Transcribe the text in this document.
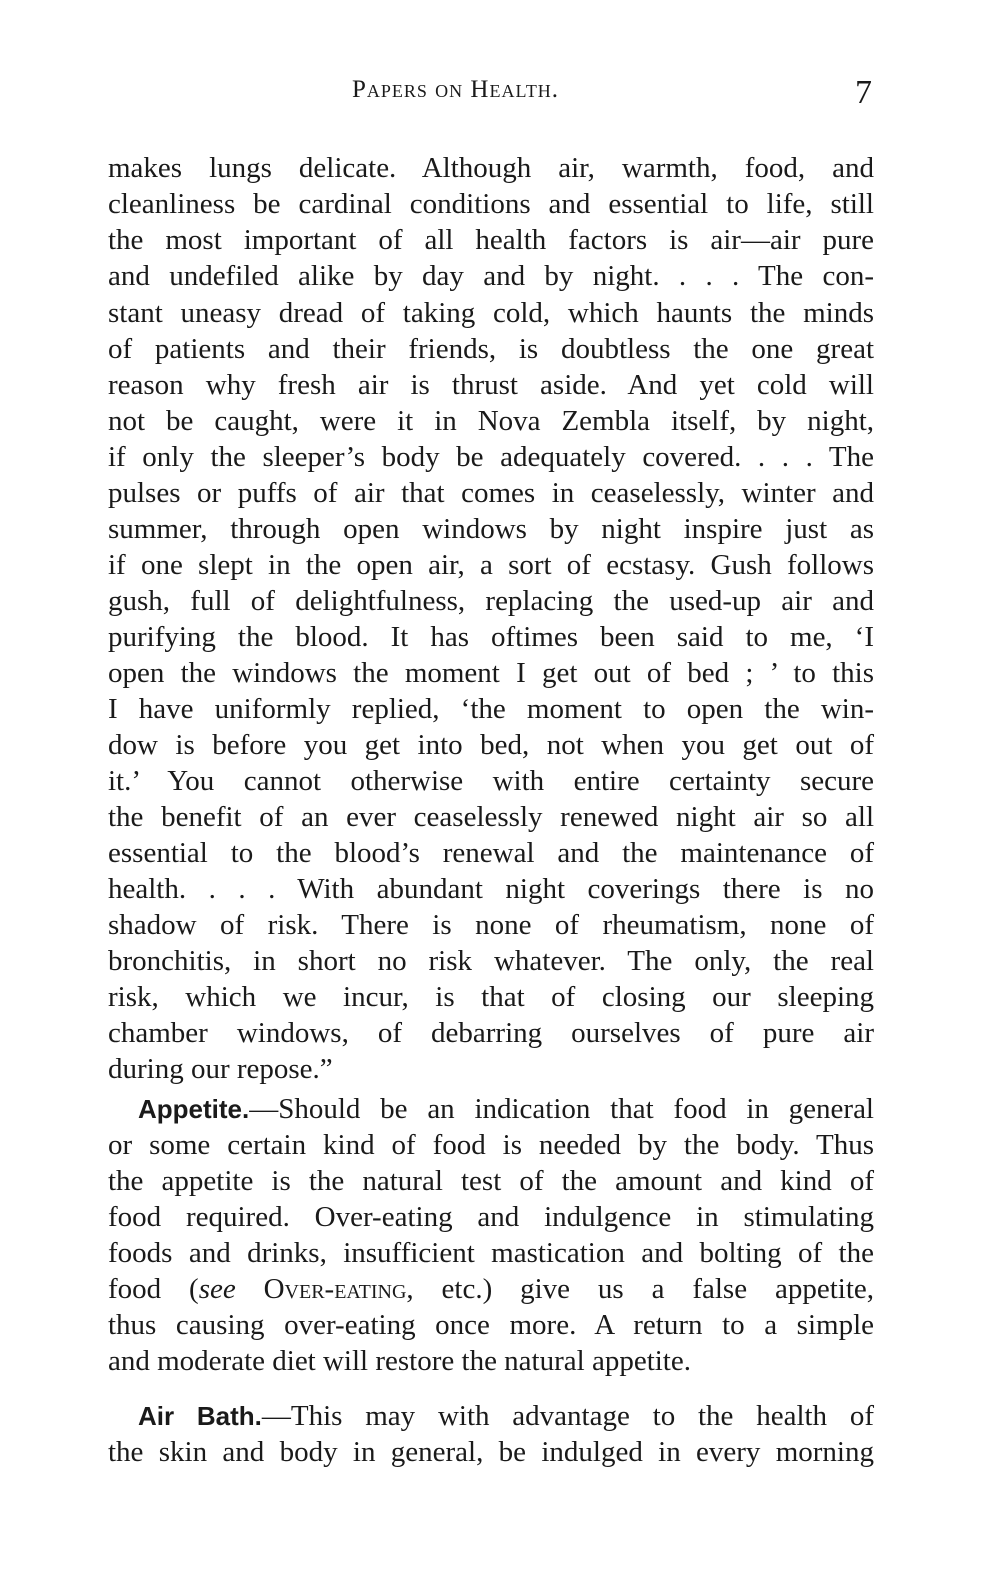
Papers on Health.	7
makes lungs delicate. Although air, warmth, food, and
cleanliness be cardinal conditions and essential to life, still
the most important of all health factors is air—air pure
and undefiled alike by day and by night. . . . The con-
stant uneasy dread of taking cold, which haunts the minds
of patients and their friends, is doubtless the one great
reason why fresh air is thrust aside. And yet cold will
not be caught, were it in Nova Zembla itself, by night,
if only the sleeper’s body be adequately covered. . . . The
pulses or puffs of air that comes in ceaselessly, winter and
summer, through open windows by night inspire just as
if one slept in the open air, a sort of ecstasy. Gush follows
gush, full of delightfulness, replacing the used-up air and
purifying the blood. It has oftimes been said to me, ‘I
open the windows the moment I get out of bed ; ’ to this
I have uniformly replied, ‘the moment to open the win-
dow is before you get into bed, not when you get out of
it.’ You cannot otherwise with entire certainty secure
the benefit of an ever ceaselessly renewed night air so all
essential to the blood’s renewal and the maintenance of
health. . . . With abundant night coverings there is no
shadow of risk. There is none of rheumatism, none of
bronchitis, in short no risk whatever. The only, the real
risk, which we incur, is that of closing our sleeping
chamber windows, of debarring ourselves of pure air
during our repose.”
Appetite.—Should be an indication that food in general
or some certain kind of food is needed by the body. Thus
the appetite is the natural test of the amount and kind of
food required. Over-eating and indulgence in stimulating
foods and drinks, insufficient mastication and bolting of the
food (see Over-eating, etc.) give us a false appetite,
thus causing over-eating once more. A return to a simple
and moderate diet will restore the natural appetite.
Air Bath.—This may with advantage to the health of
the skin and body in general, be indulged in every morning
